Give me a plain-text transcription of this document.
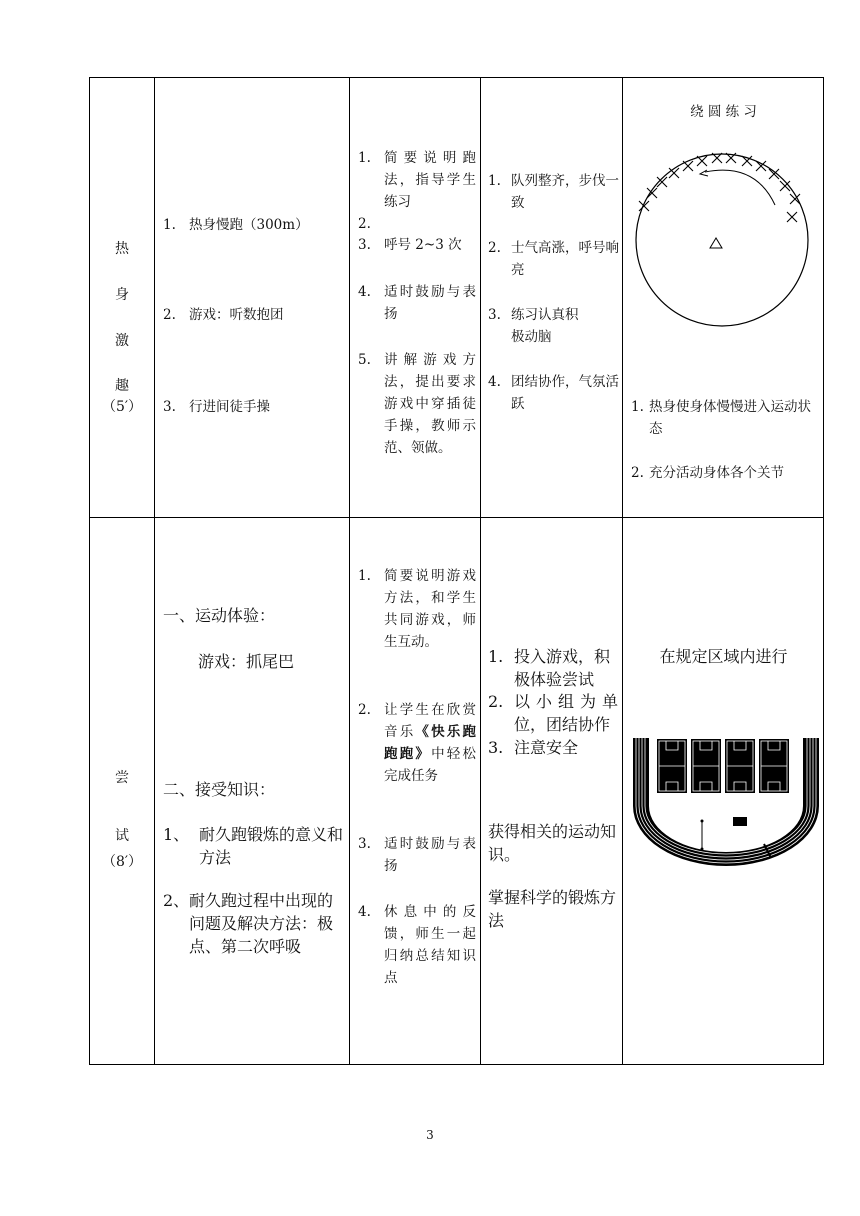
热
身
激
趣
（5′）
1. 热身慢跑（300m）
2. 游戏：听数抱团
3. 行进间徒手操
1. 简要说明跑法，指导学生练习
2.
3. 呼号 2~3 次
4. 适时鼓励与表扬
5. 讲解游戏方法，提出要求游戏中穿插徒手操，教师示范、领做。
1. 队列整齐，步伐一致
2. 士气高涨，呼号响亮
3. 练习认真积极动脑
4. 团结协作，气氛活跃
绕 圆 练 习
1. 热身使身体慢慢进入运动状态
2. 充分活动身体各个关节
尝
试
（8′）
一、运动体验：
游戏：抓尾巴
二、接受知识：
1、 耐久跑锻炼的意义和方法
2、 耐久跑过程中出现的问题及解决方法：极点、第二次呼吸
1. 简要说明游戏方法，和学生共同游戏，师生互动。
2. 让学生在欣赏音乐《快乐跑跑跑》中轻松完成任务
3. 适时鼓励与表扬
4. 休息中的反馈，师生一起归纳总结知识点
1. 投入游戏，积极体验尝试
2. 以小组为单位，团结协作
3. 注意安全
获得相关的运动知识。
掌握科学的锻炼方法
在规定区域内进行
3
